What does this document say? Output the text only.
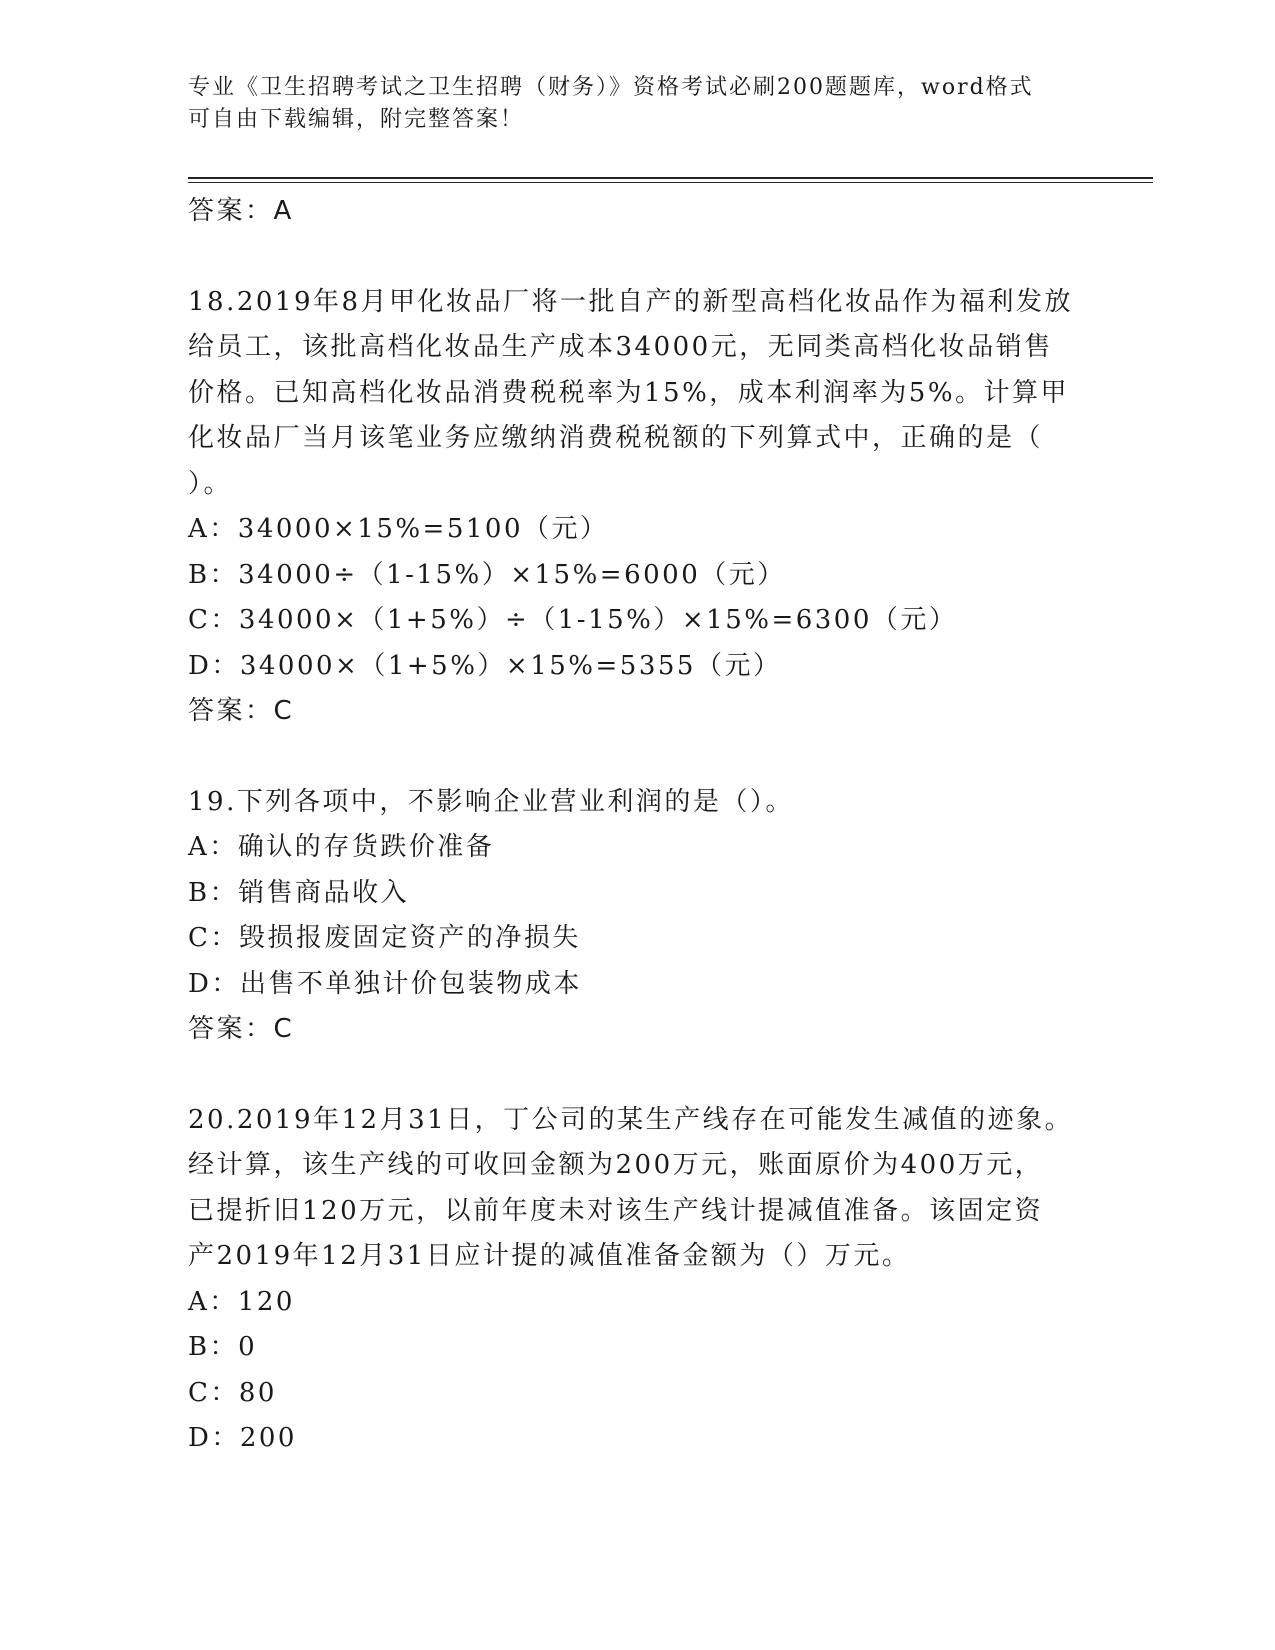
专业《卫生招聘考试之卫生招聘（财务）》资格考试必刷200题题库，word格式
可自由下载编辑，附完整答案！
答案：A
18.2019年8月甲化妆品厂将一批自产的新型高档化妆品作为福利发放
给员工，该批高档化妆品生产成本34000元，无同类高档化妆品销售
价格。已知高档化妆品消费税税率为15%，成本利润率为5%。计算甲
化妆品厂当月该笔业务应缴纳消费税税额的下列算式中，正确的是（
）。
A：34000×15%=5100（元）
B：34000÷（1-15%）×15%=6000（元）
C：34000×（1+5%）÷（1-15%）×15%=6300（元）
D：34000×（1+5%）×15%=5355（元）
答案：C
19.下列各项中，不影响企业营业利润的是（）。
A：确认的存货跌价准备
B：销售商品收入
C：毁损报废固定资产的净损失
D：出售不单独计价包装物成本
答案：C
20.2019年12月31日，丁公司的某生产线存在可能发生减值的迹象。
经计算，该生产线的可收回金额为200万元，账面原价为400万元，
已提折旧120万元，以前年度未对该生产线计提减值准备。该固定资
产2019年12月31日应计提的减值准备金额为（）万元。
A：120
B：0
C：80
D：200
